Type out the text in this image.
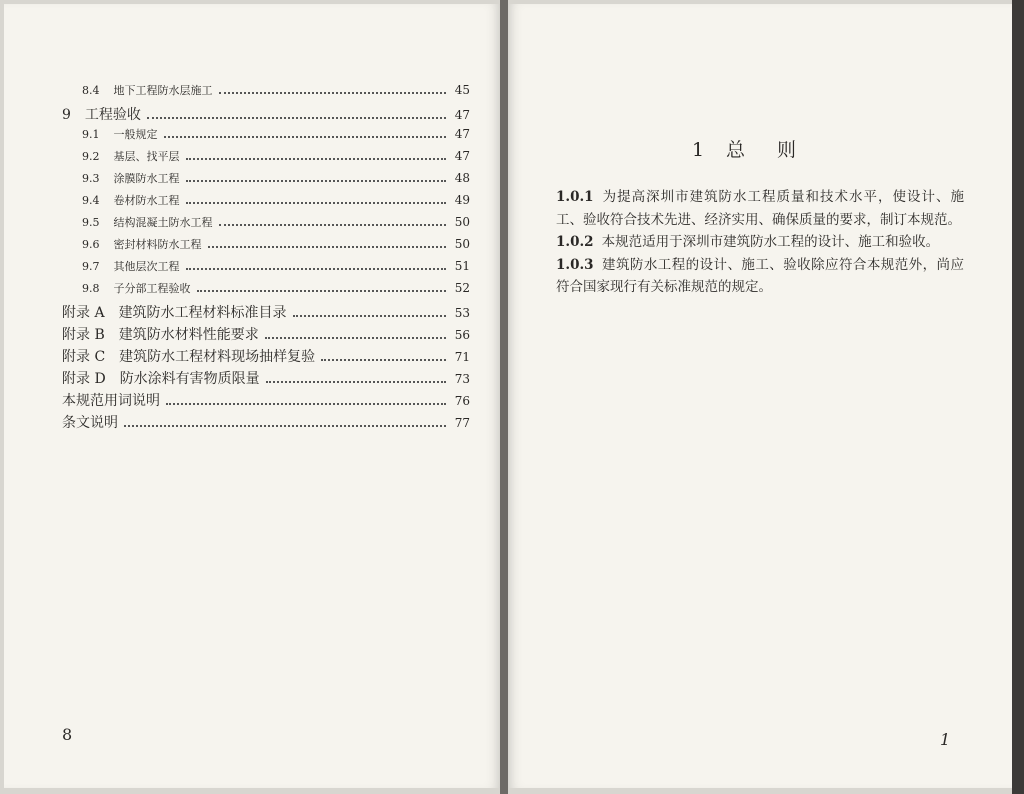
8.4 地下工程防水层施工	45
9 工程验收	47
9.1 一般规定	47
9.2 基层、找平层	47
9.3 涂膜防水工程	48
9.4 卷材防水工程	49
9.5 结构混凝土防水工程	50
9.6 密封材料防水工程	50
9.7 其他层次工程	51
9.8 子分部工程验收	52
附录 A 建筑防水工程材料标准目录	53
附录 B 建筑防水材料性能要求	56
附录 C 建筑防水工程材料现场抽样复验	71
附录 D 防水涂料有害物质限量	73
本规范用词说明	76
条文说明	77
8	1
1 总则

1.0.1 为提高深圳市建筑防水工程质量和技术水平，使设计、施工、验收符合技术先进、经济实用、确保质量的要求，制订本规范。

1.0.2 本规范适用于深圳市建筑防水工程的设计、施工和验收。

1.0.3 建筑防水工程的设计、施工、验收除应符合本规范外，尚应符合国家现行有关标准规范的规定。
